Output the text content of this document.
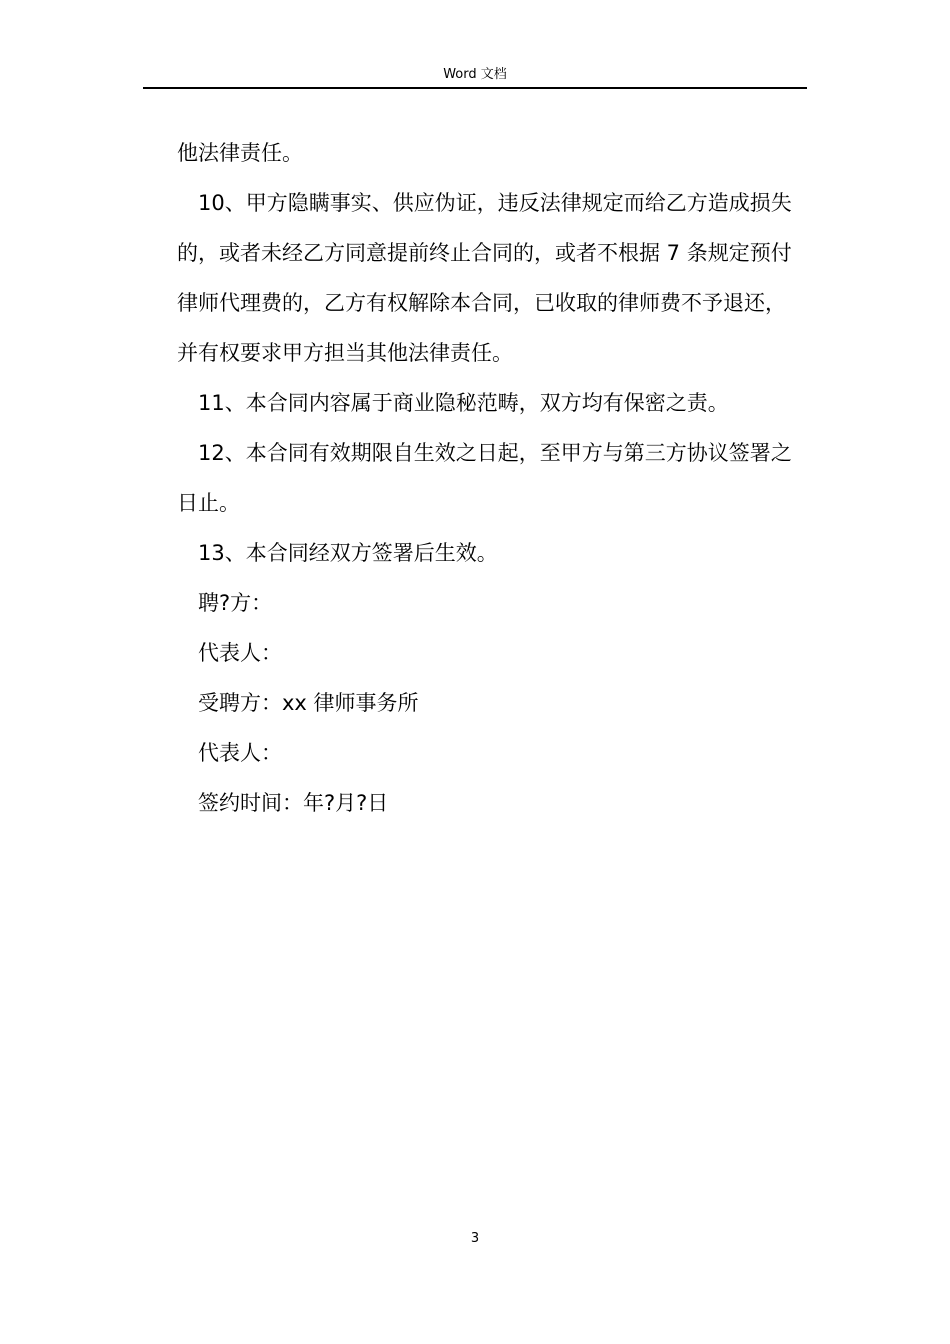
Word 文档

他法律责任。

10、甲方隐瞒事实、供应伪证，违反法律规定而给乙方造成损失的，或者未经乙方同意提前终止合同的，或者不根据 7 条规定预付律师代理费的，乙方有权解除本合同，已收取的律师费不予退还，并有权要求甲方担当其他法律责任。

11、本合同内容属于商业隐秘范畴，双方均有保密之责。

12、本合同有效期限自生效之日起，至甲方与第三方协议签署之日止。

13、本合同经双方签署后生效。

聘?方：

代表人：

受聘方：xx 律师事务所

代表人：

签约时间：年?月?日

3
